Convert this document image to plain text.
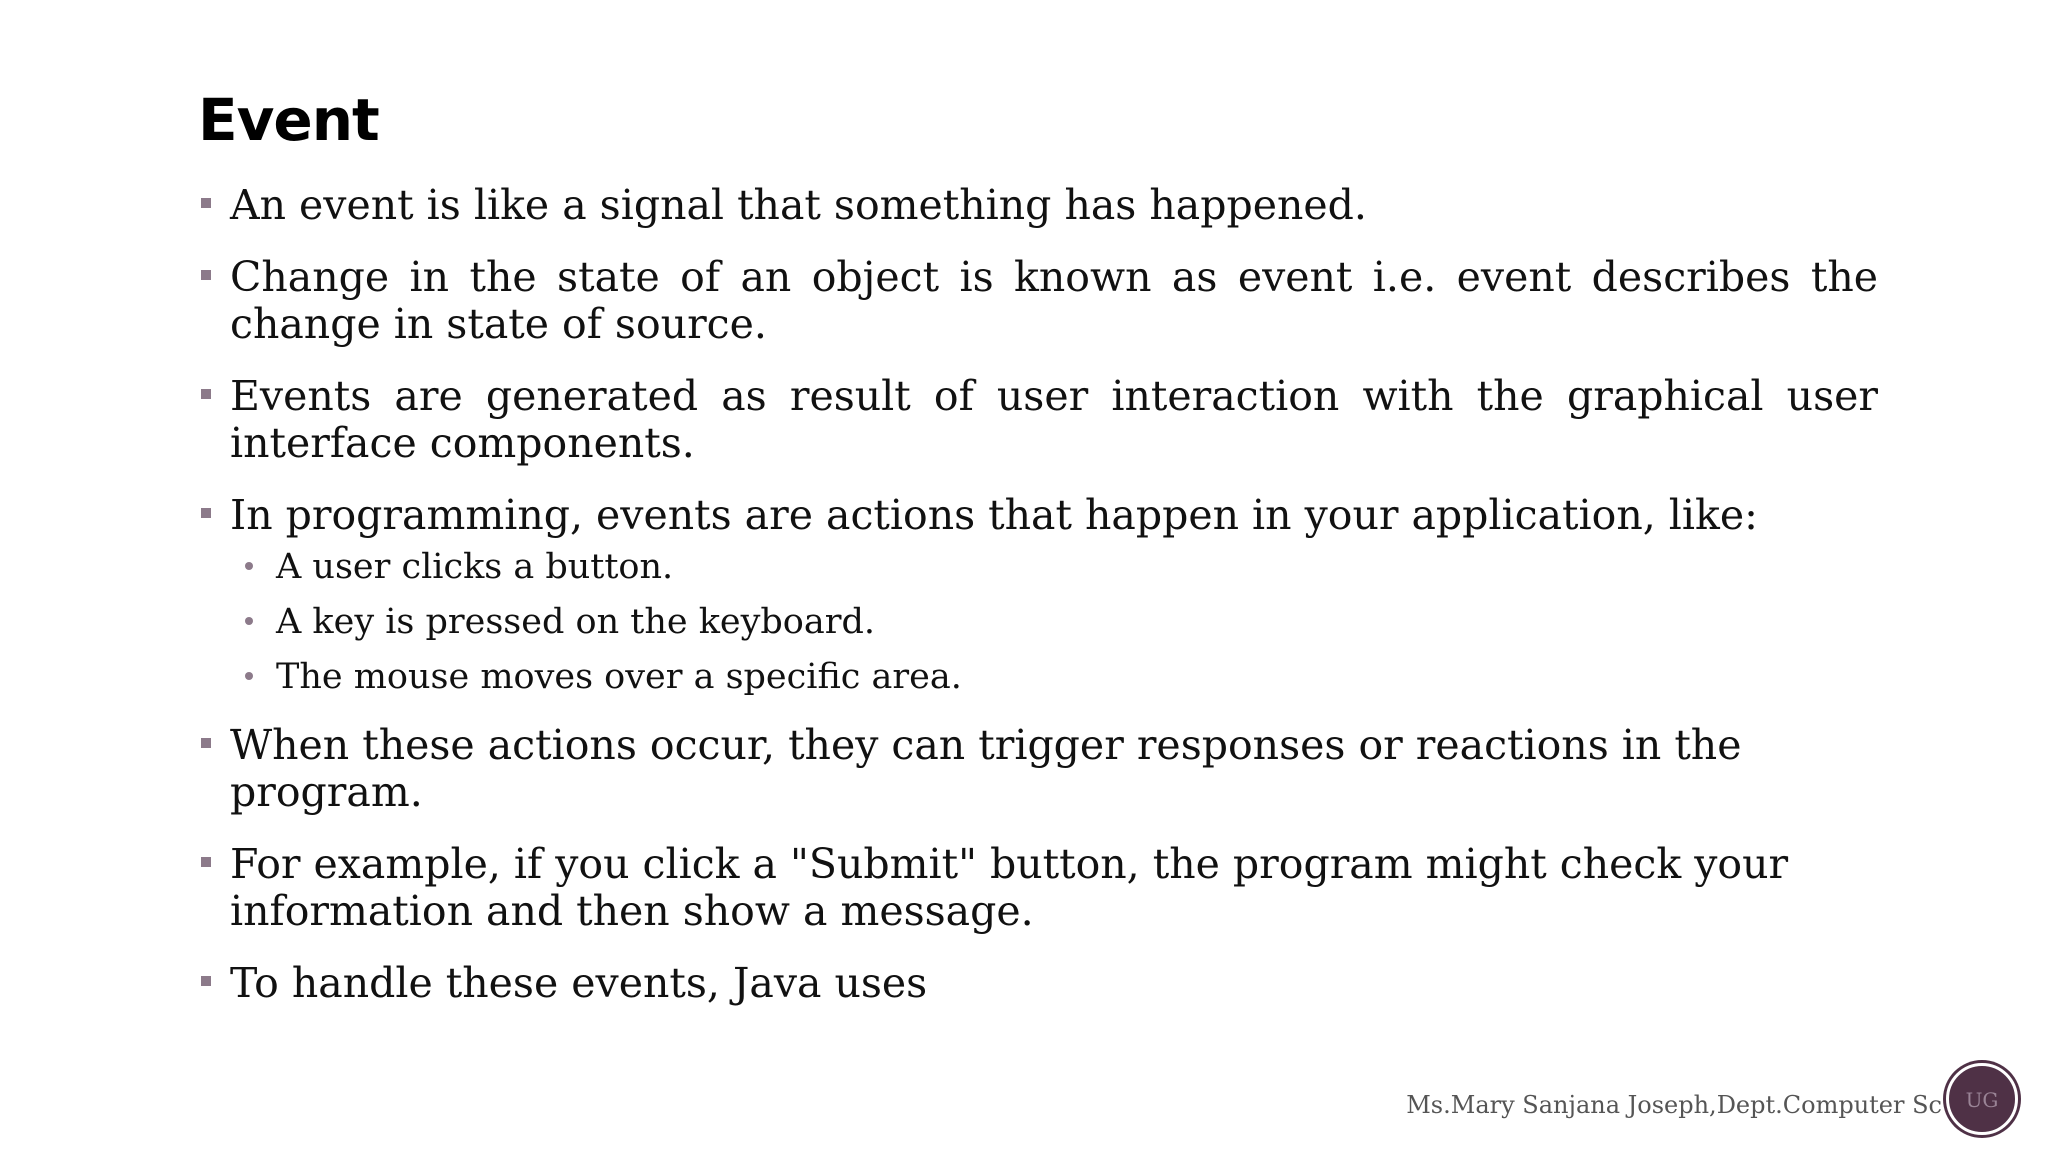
Event
An event is like a signal that something has happened.
Change in the state of an object is known as event i.e. event describes the change in state of source.
Events are generated as result of user interaction with the graphical user interface components.
In programming, events are actions that happen in your application, like:
A user clicks a button.
A key is pressed on the keyboard.
The mouse moves over a specific area.
When these actions occur, they can trigger responses or reactions in the program.
For example, if you click a "Submit" button, the program might check your information and then show a message.
To handle these events, Java uses
Ms.Mary Sanjana Joseph,Dept.Computer Sc	UG
